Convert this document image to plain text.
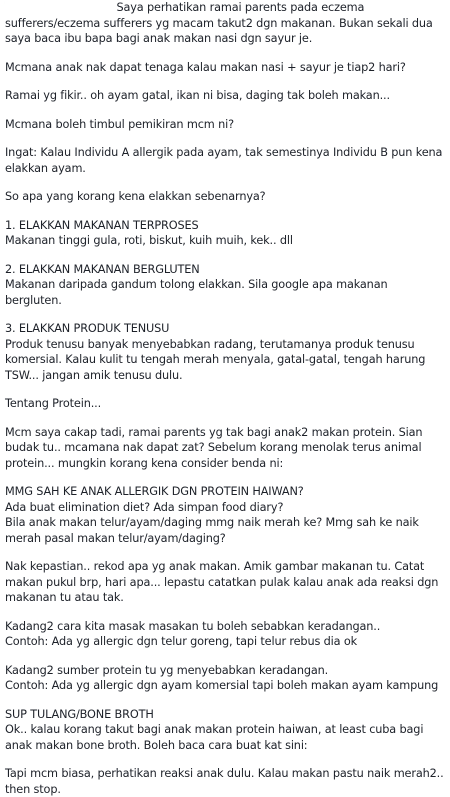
Saya perhatikan ramai parents pada eczema sufferers/eczema sufferers yg macam takut2 dgn makanan. Bukan sekali dua saya baca ibu bapa bagi anak makan nasi dgn sayur je.

Mcmana anak nak dapat tenaga kalau makan nasi + sayur je tiap2 hari?

Ramai yg fikir.. oh ayam gatal, ikan ni bisa, daging tak boleh makan...

Mcmana boleh timbul pemikiran mcm ni?

Ingat: Kalau Individu A allergik pada ayam, tak semestinya Individu B pun kena elakkan ayam.

So apa yang korang kena elakkan sebenarnya?

1. ELAKKAN MAKANAN TERPROSES
Makanan tinggi gula, roti, biskut, kuih muih, kek.. dll

2. ELAKKAN MAKANAN BERGLUTEN
Makanan daripada gandum tolong elakkan. Sila google apa makanan bergluten.

3. ELAKKAN PRODUK TENUSU
Produk tenusu banyak menyebabkan radang, terutamanya produk tenusu komersial. Kalau kulit tu tengah merah menyala, gatal-gatal, tengah harung TSW... jangan amik tenusu dulu.

Tentang Protein...

Mcm saya cakap tadi, ramai parents yg tak bagi anak2 makan protein. Sian budak tu.. mcamana nak dapat zat? Sebelum korang menolak terus animal protein... mungkin korang kena consider benda ni:

MMG SAH KE ANAK ALLERGIK DGN PROTEIN HAIWAN?
Ada buat elimination diet? Ada simpan food diary?
Bila anak makan telur/ayam/daging mmg naik merah ke? Mmg sah ke naik merah pasal makan telur/ayam/daging?

Nak kepastian.. rekod apa yg anak makan. Amik gambar makanan tu. Catat makan pukul brp, hari apa... lepastu catatkan pulak kalau anak ada reaksi dgn makanan tu atau tak.

Kadang2 cara kita masak masakan tu boleh sebabkan keradangan..
Contoh: Ada yg allergic dgn telur goreng, tapi telur rebus dia ok

Kadang2 sumber protein tu yg menyebabkan keradangan.
Contoh: Ada yg allergic dgn ayam komersial tapi boleh makan ayam kampung

SUP TULANG/BONE BROTH
Ok.. kalau korang takut bagi anak makan protein haiwan, at least cuba bagi anak makan bone broth. Boleh baca cara buat kat sini:

Tapi mcm biasa, perhatikan reaksi anak dulu. Kalau makan pastu naik merah2.. then stop.
